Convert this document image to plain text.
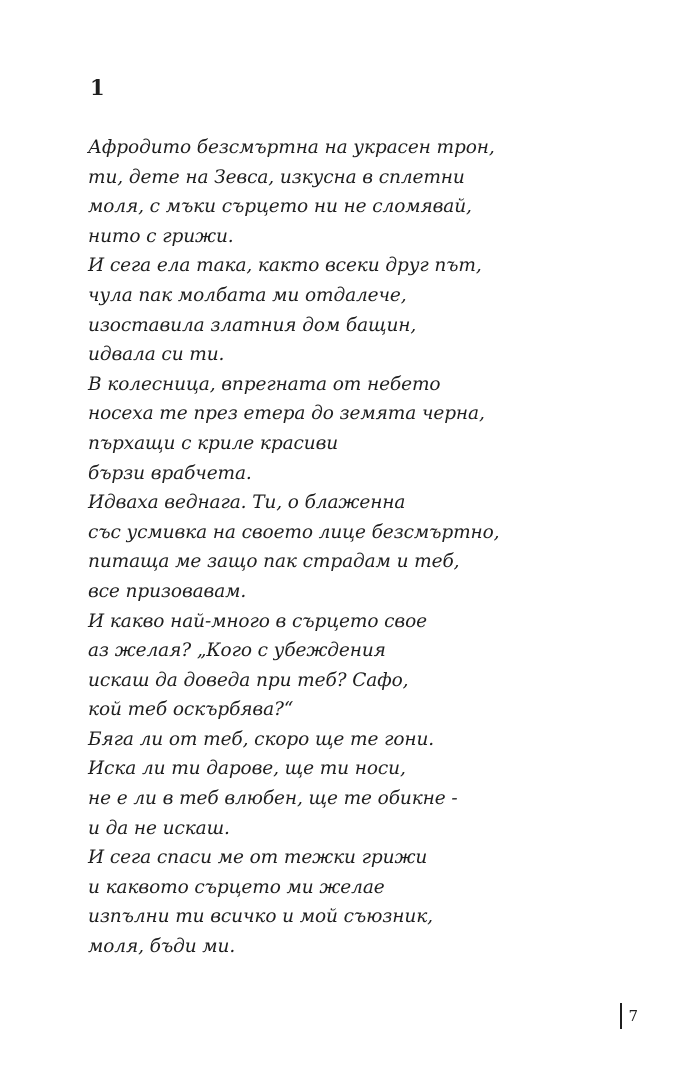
1
Афродито безсмъртна на украсен трон,
ти, дете на Зевса, изкусна в сплетни
моля, с мъки сърцето ни не сломявай,
нито с грижи.
И сега ела така, както всеки друг път,
чула пак молбата ми отдалече,
изоставила златния дом бащин,
идвала си ти.
В колесница, впрегната от небето
носеха те през етера до земята черна,
пърхащи с криле красиви
бързи врабчета.
Идваха веднага. Ти, о блаженна
със усмивка на своето лице безсмъртно,
питаща ме защо пак страдам и теб,
все призовавам.
И какво най-много в сърцето свое
аз желая? „Кого с убеждения
искаш да доведа при теб? Сафо,
кой теб оскърбява?“
Бяга ли от теб, скоро ще те гони.
Иска ли ти дарове, ще ти носи,
не е ли в теб влюбен, ще те обикне -
и да не искаш.
И сега спаси ме от тежки грижи
и каквото сърцето ми желае
изпълни ти всичко и мой съюзник,
моля, бъди ми.
7
